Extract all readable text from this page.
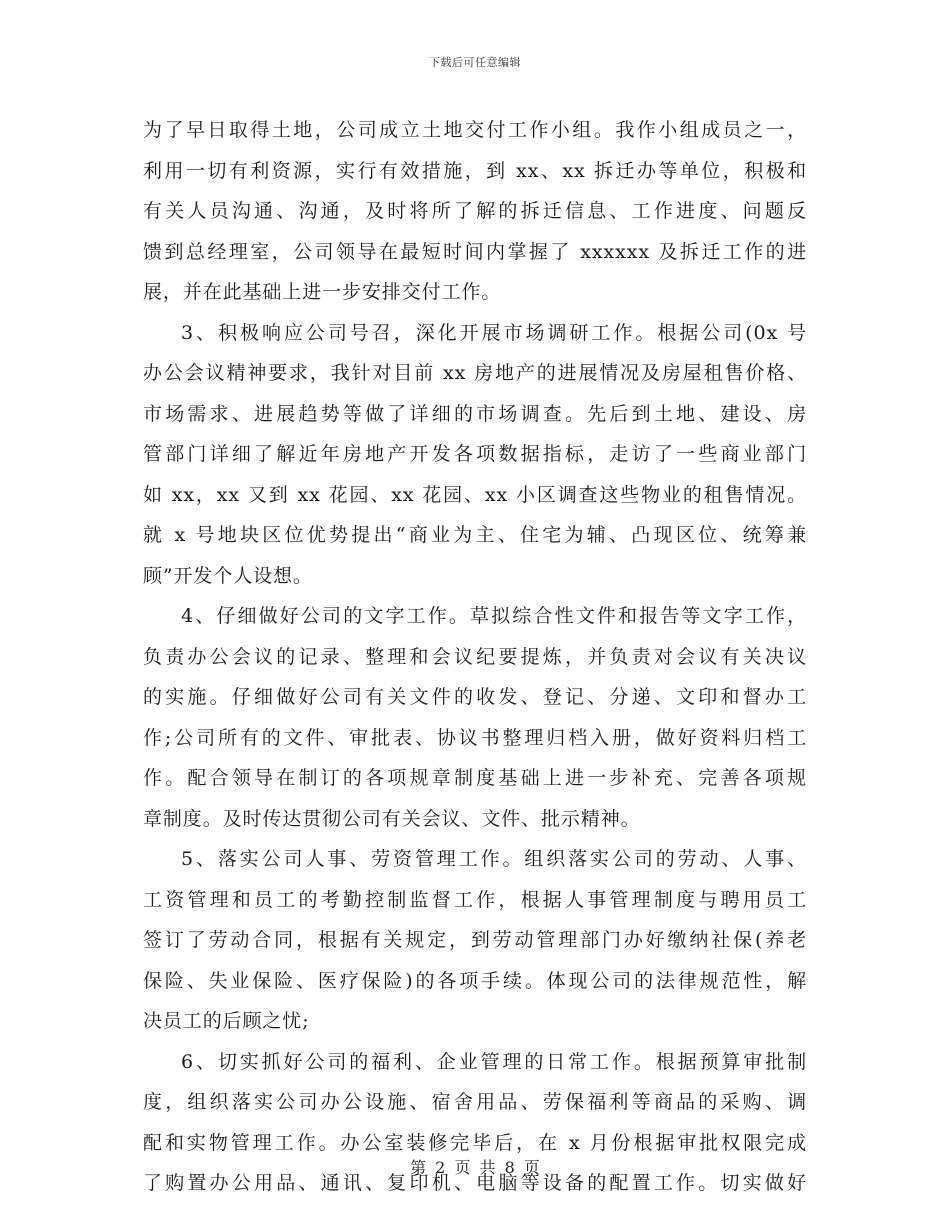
下载后可任意编辑
为了早日取得土地，公司成立土地交付工作小组。我作小组成员之一，
利用一切有利资源，实行有效措施，到 xx、xx 拆迁办等单位，积极和
有关人员沟通、沟通，及时将所了解的拆迁信息、工作进度、问题反
馈到总经理室，公司领导在最短时间内掌握了 xxxxxx 及拆迁工作的进
展，并在此基础上进一步安排交付工作。
3、积极响应公司号召，深化开展市场调研工作。根据公司(0x 号
办公会议精神要求，我针对目前 xx 房地产的进展情况及房屋租售价格、
市场需求、进展趋势等做了详细的市场调查。先后到土地、建设、房
管部门详细了解近年房地产开发各项数据指标，走访了一些商业部门
如 xx，xx 又到 xx 花园、xx 花园、xx 小区调查这些物业的租售情况。
就 x 号地块区位优势提出“商业为主、住宅为辅、凸现区位、统筹兼
顾”开发个人设想。
4、仔细做好公司的文字工作。草拟综合性文件和报告等文字工作，
负责办公会议的记录、整理和会议纪要提炼，并负责对会议有关决议
的实施。仔细做好公司有关文件的收发、登记、分递、文印和督办工
作;公司所有的文件、审批表、协议书整理归档入册，做好资料归档工
作。配合领导在制订的各项规章制度基础上进一步补充、完善各项规
章制度。及时传达贯彻公司有关会议、文件、批示精神。
5、落实公司人事、劳资管理工作。组织落实公司的劳动、人事、
工资管理和员工的考勤控制监督工作，根据人事管理制度与聘用员工
签订了劳动合同，根据有关规定，到劳动管理部门办好缴纳社保(养老
保险、失业保险、医疗保险)的各项手续。体现公司的法律规范性，解
决员工的后顾之忧;
6、切实抓好公司的福利、企业管理的日常工作。根据预算审批制
度，组织落实公司办公设施、宿舍用品、劳保福利等商品的采购、调
配和实物管理工作。办公室装修完毕后，在 x 月份根据审批权限完成
了购置办公用品、通讯、复印机、电脑等设备的配置工作。切实做好
第 2 页 共 8 页
